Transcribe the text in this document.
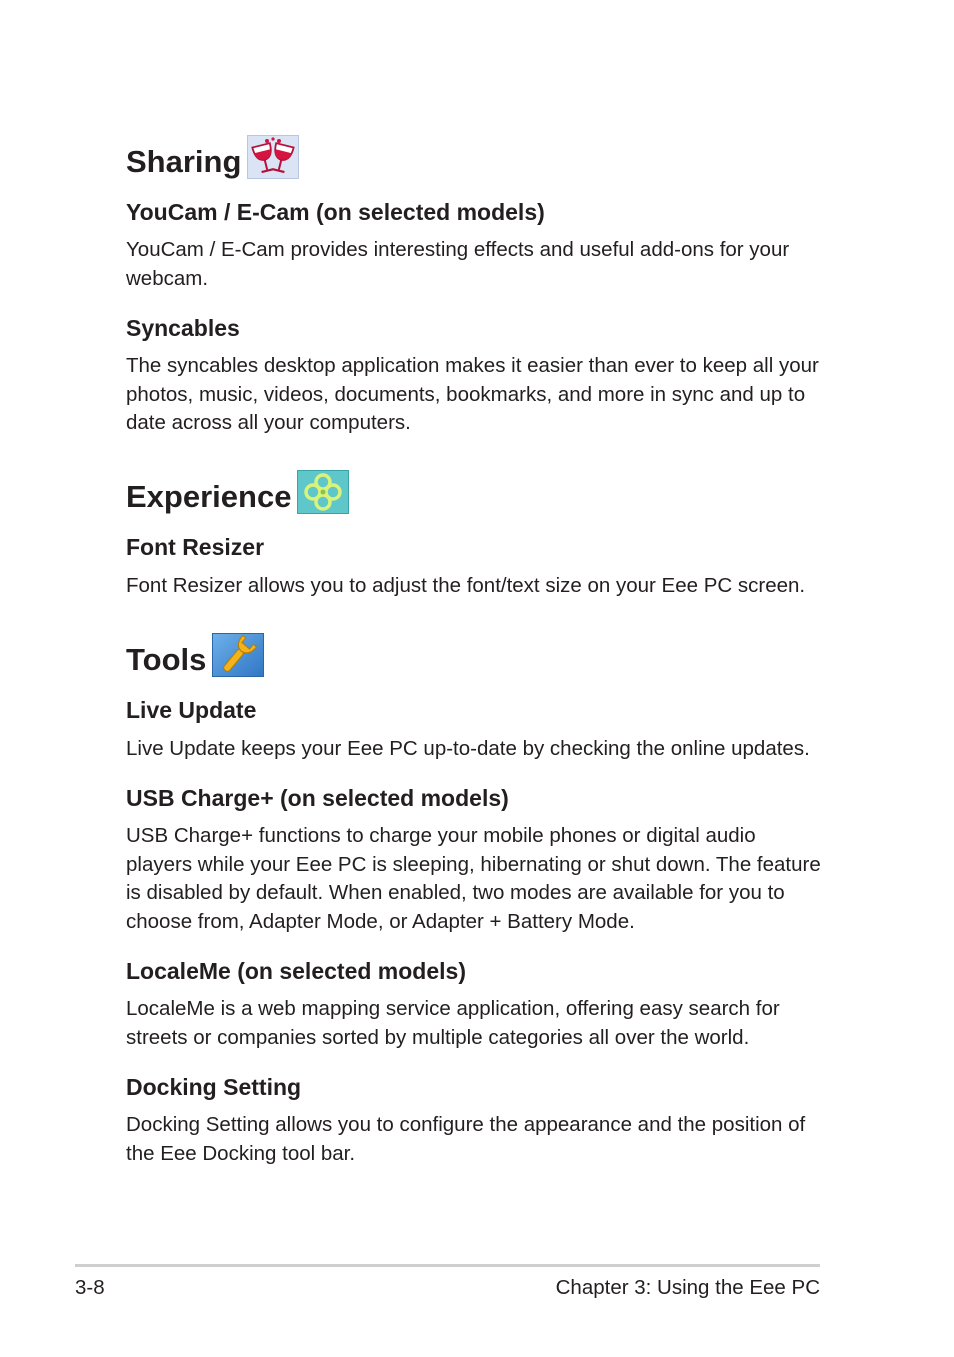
Sharing
YouCam / E-Cam (on selected models)
YouCam / E-Cam provides interesting effects and useful add-ons for your webcam.
Syncables
The syncables desktop application makes it easier than ever to keep all your photos, music, videos, documents, bookmarks, and more in sync and up to date across all your computers.
Experience
Font Resizer
Font Resizer allows you to adjust the font/text size on your Eee PC screen.
Tools
Live Update
Live Update keeps your Eee PC up-to-date by checking the online updates.
USB Charge+ (on selected models)
USB Charge+ functions to charge your mobile phones or digital audio players while your Eee PC is sleeping, hibernating or shut down. The feature is disabled by default. When enabled, two modes are available for you to choose from, Adapter Mode, or Adapter + Battery Mode.
LocaleMe (on selected models)
LocaleMe is a web mapping service application, offering easy search for streets or companies sorted by multiple categories all over the world.
Docking Setting
Docking Setting allows you to configure the appearance and the position of the Eee Docking tool bar.
3-8	Chapter 3: Using the Eee PC
